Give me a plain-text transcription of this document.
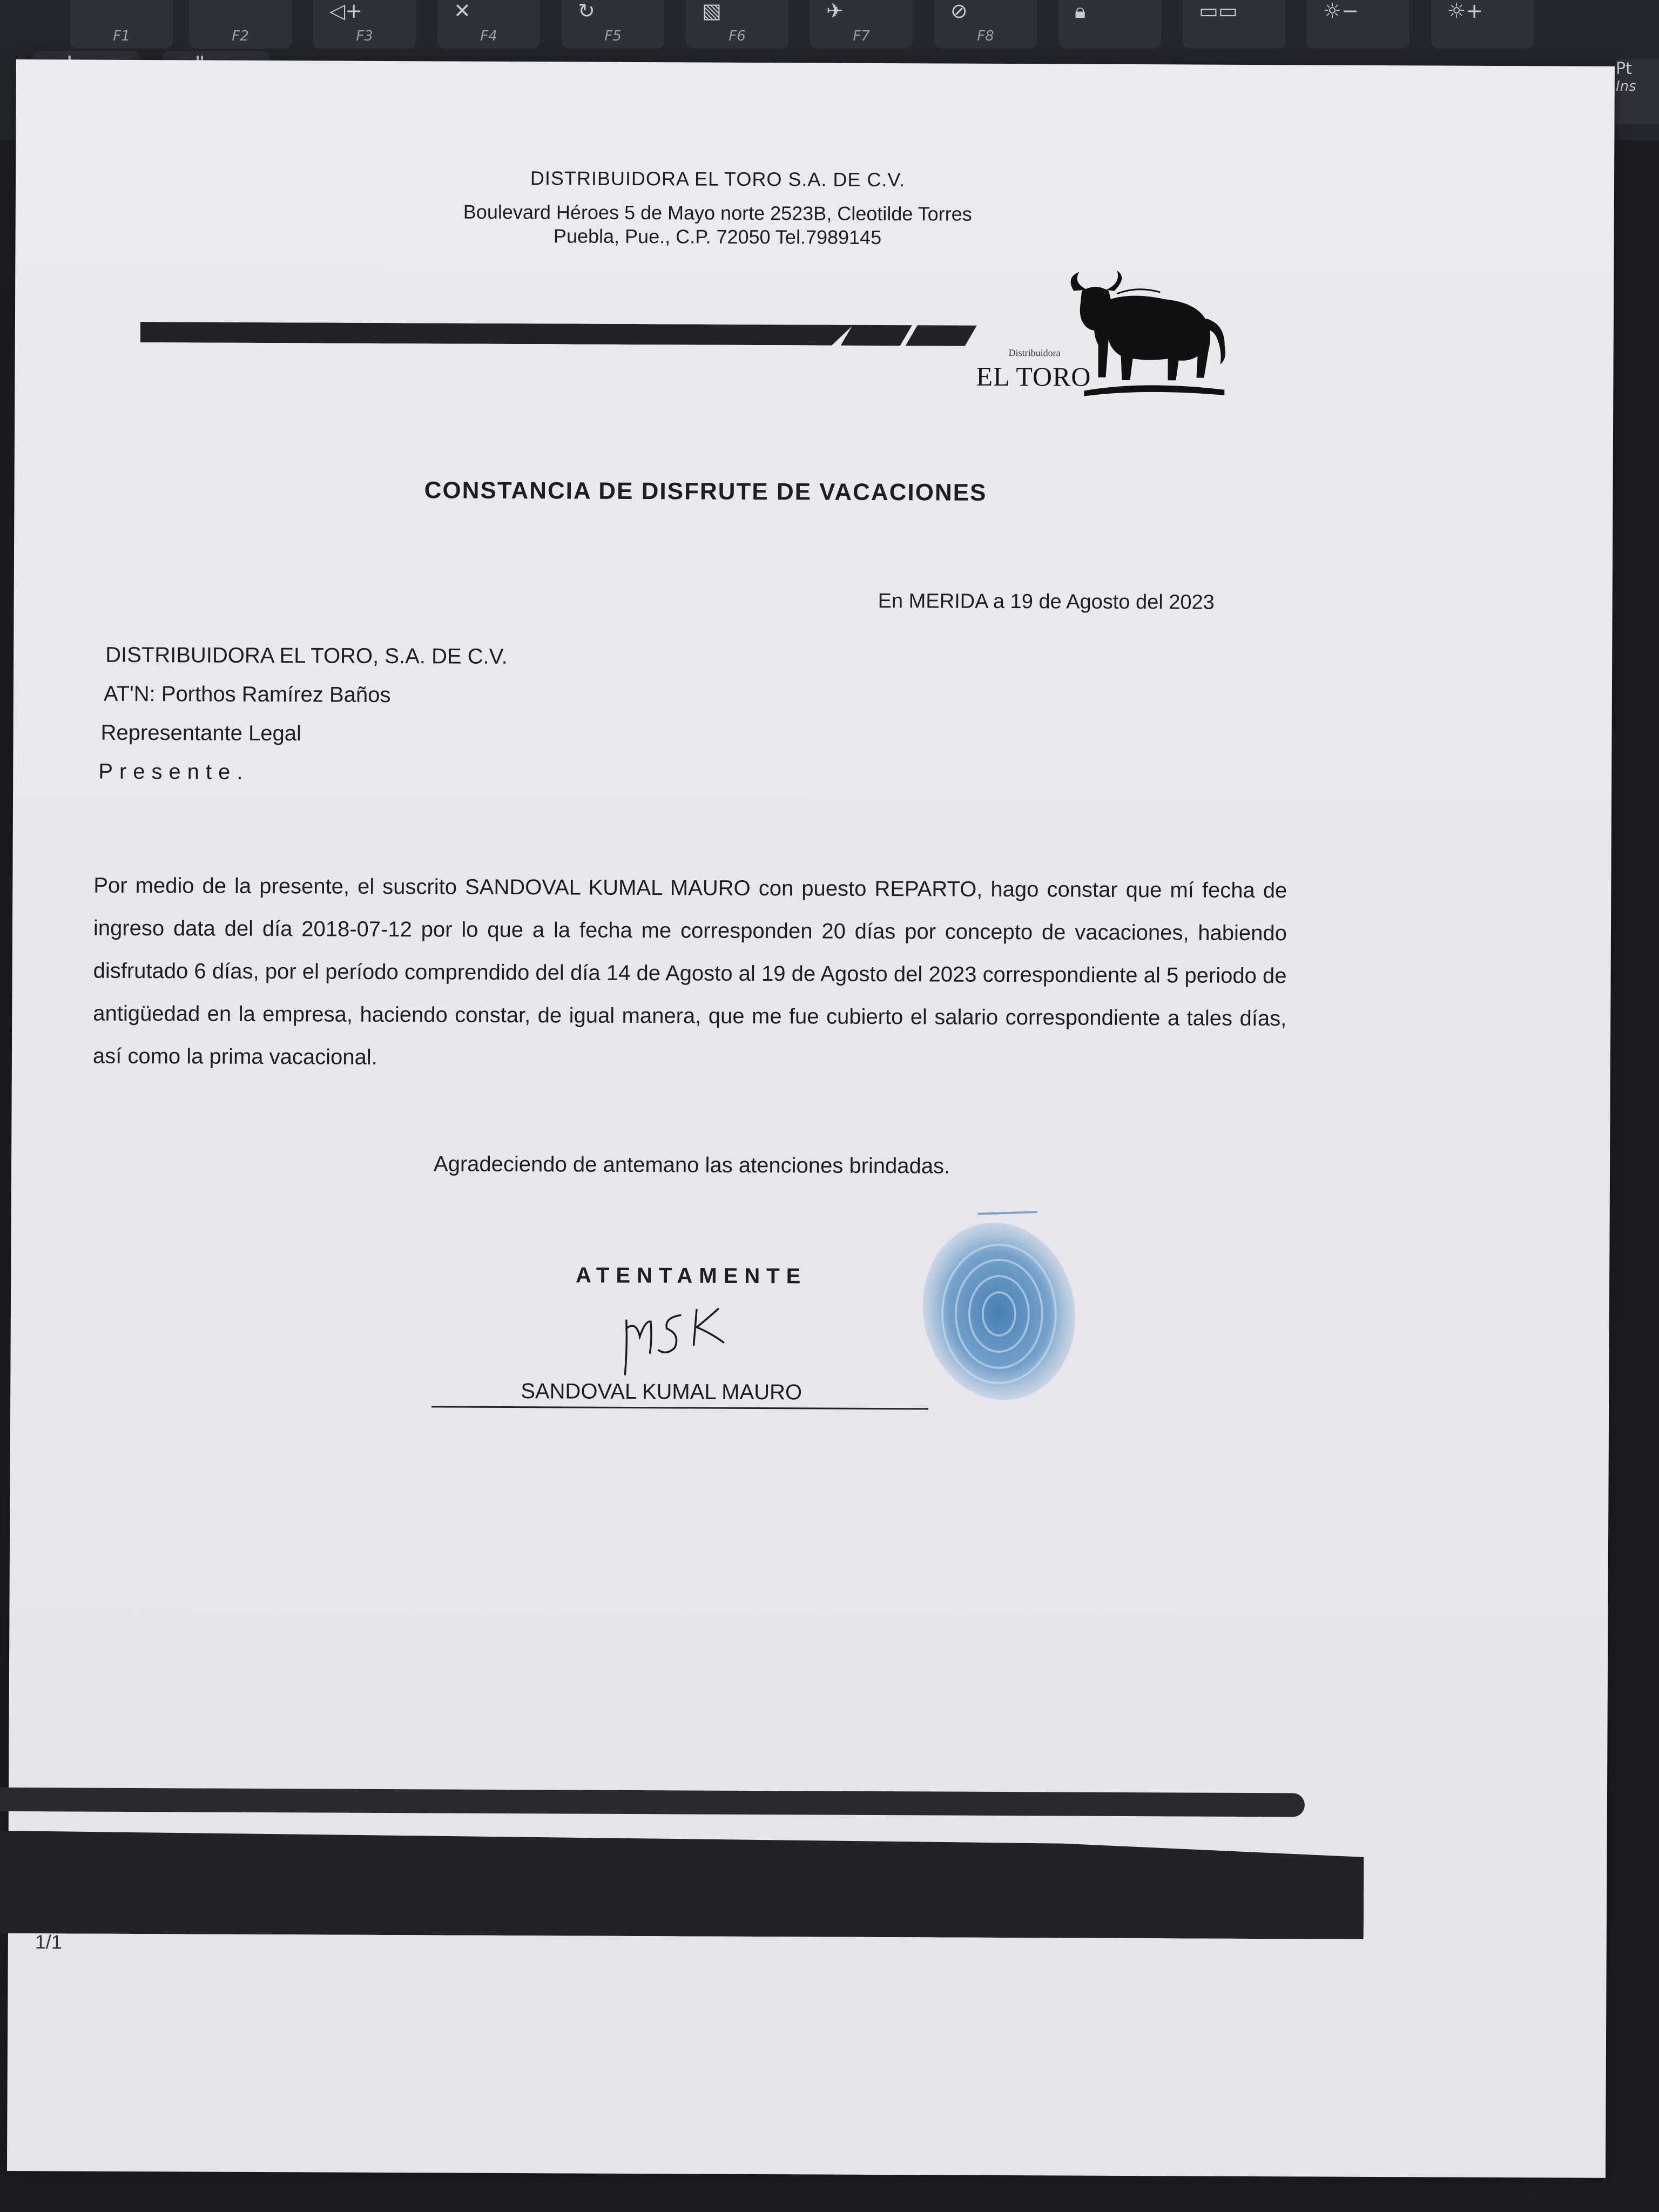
F1	F2
◁+
F3
✕
F4
↻
F5
▧
F6
✈
F7
⊘
F8
🔒︎	▭▭	☼−	☼+
Pt
Ins
DISTRIBUIDORA EL TORO S.A. DE C.V.
Boulevard Héroes 5 de Mayo norte 2523B, Cleotilde Torres
Puebla, Pue., C.P. 72050 Tel.7989145
Distribuidora
EL TORO
CONSTANCIA DE DISFRUTE DE VACACIONES
En MERIDA a 19 de Agosto del 2023
DISTRIBUIDORA EL TORO, S.A. DE C.V.
AT'N: Porthos Ramírez Baños
Representante Legal
Presente.
Por medio de la presente, el suscrito SANDOVAL KUMAL MAURO con puesto REPARTO, hago constar que mí fecha de ingreso data del día 2018-07-12 por lo que a la fecha me corresponden 20 días por concepto de vacaciones, habiendo disfrutado 6 días, por el período comprendido del día 14 de Agosto al 19 de Agosto del 2023 correspondiente al 5 periodo de antigüedad en la empresa, haciendo constar, de igual manera, que me fue cubierto el salario correspondiente a tales días, así como la prima vacacional.
Agradeciendo de antemano las atenciones brindadas.
ATENTAMENTE
SANDOVAL KUMAL MAURO
1/1
